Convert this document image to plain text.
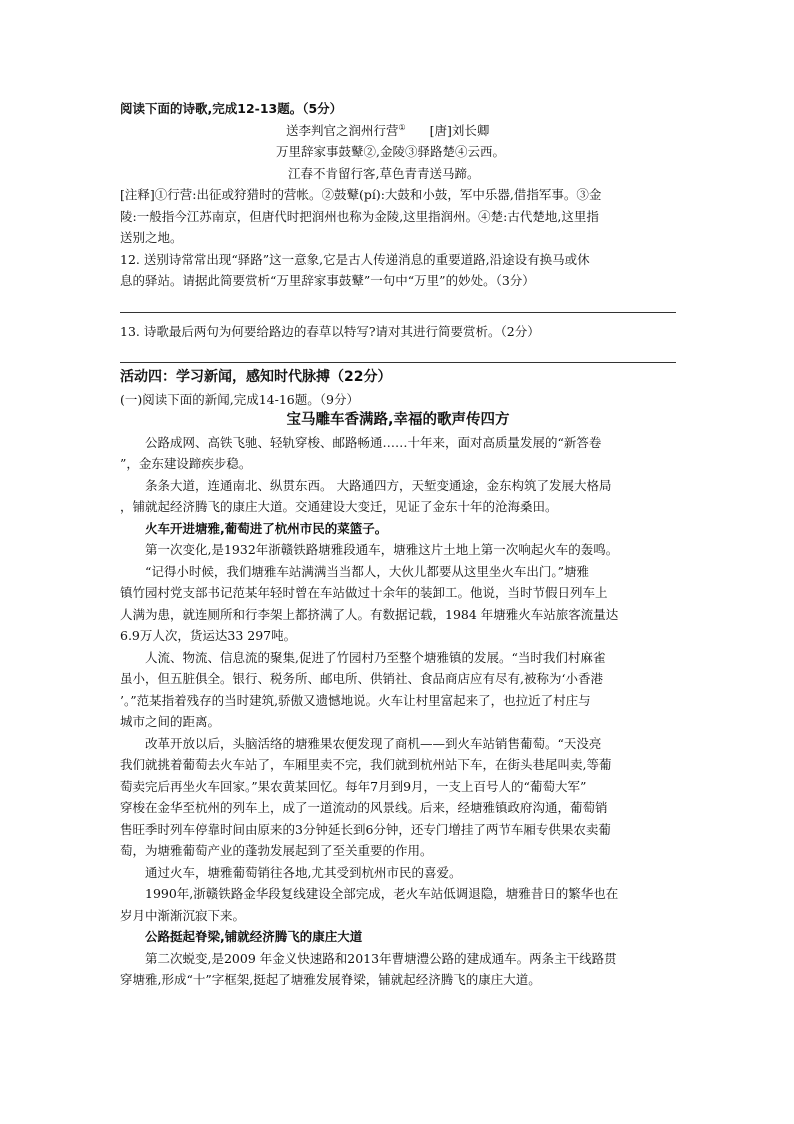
阅读下面的诗歌,完成12-13题。（5分）
送李判官之润州行营① [唐]刘长卿
万里辞家事鼓鼙②,金陵③驿路楚④云西。
江春不肯留行客,草色青青送马蹄。
[注释]①行营:出征或狩猎时的营帐。②鼓鼙(pí):大鼓和小鼓，军中乐器,借指军事。③金
陵:一般指今江苏南京，但唐代时把润州也称为金陵,这里指润州。④楚:古代楚地,这里指
送别之地。
12. 送别诗常常出现“驿路”这一意象,它是古人传递消息的重要道路,沿途设有换马或休
息的驿站。请据此简要赏析“万里辞家事鼓鼙”一句中“万里”的妙处。（3分）
13. 诗歌最后两句为何要给路边的春草以特写?请对其进行简要赏析。（2分）
活动四：学习新闻，感知时代脉搏（22分）
(一)阅读下面的新闻,完成14-16题。（9分）
宝马雕车香满路,幸福的歌声传四方
公路成网、高铁飞驰、轻轨穿梭、邮路畅通……十年来，面对高质量发展的“新答卷
”，金东建设蹄疾步稳。
条条大道，连通南北、纵贯东西。 大路通四方，天堑变通途，金东构筑了发展大格局
，铺就起经济腾飞的康庄大道。交通建设大变迁，见证了金东十年的沧海桑田。
火车开进塘雅,葡萄进了杭州市民的菜篮子。
第一次变化,是1932年浙赣铁路塘雅段通车，塘雅这片土地上第一次响起火车的轰鸣。
“记得小时候，我们塘雅车站满满当当都人，大伙儿都要从这里坐火车出门。”塘雅
镇竹园村党支部书记范某年轻时曾在车站做过十余年的装卸工。他说，当时节假日列车上
人满为患，就连厕所和行李架上都挤满了人。有数据记载，1984 年塘雅火车站旅客流量达
6.9万人次，货运达33 297吨。
人流、物流、信息流的聚集,促进了竹园村乃至整个塘雅镇的发展。“当时我们村麻雀
虽小，但五脏俱全。银行、税务所、邮电所、供销社、食品商店应有尽有,被称为‘小香港
’。”范某指着残存的当时建筑,骄傲又遗憾地说。火车让村里富起来了，也拉近了村庄与
城市之间的距离。
改革开放以后，头脑活络的塘雅果农便发现了商机——到火车站销售葡萄。“天没亮
我们就挑着葡萄去火车站了，车厢里卖不完，我们就到杭州站下车，在街头巷尾叫卖,等葡
萄卖完后再坐火车回家。”果农黄某回忆。每年7月到9月，一支上百号人的“葡萄大军”
穿梭在金华至杭州的列车上，成了一道流动的风景线。后来，经塘雅镇政府沟通，葡萄销
售旺季时列车停靠时间由原来的3分钟延长到6分钟，还专门增挂了两节车厢专供果农卖葡
萄，为塘雅葡萄产业的蓬勃发展起到了至关重要的作用。
通过火车，塘雅葡萄销往各地,尤其受到杭州市民的喜爱。
1990年,浙赣铁路金华段复线建设全部完成，老火车站低调退隐，塘雅昔日的繁华也在
岁月中渐渐沉寂下来。
公路挺起脊梁,铺就经济腾飞的康庄大道
第二次蜕变,是2009 年金义快速路和2013年曹塘澧公路的建成通车。两条主干线路贯
穿塘雅,形成“十”字框架,挺起了塘雅发展脊梁，铺就起经济腾飞的康庄大道。
